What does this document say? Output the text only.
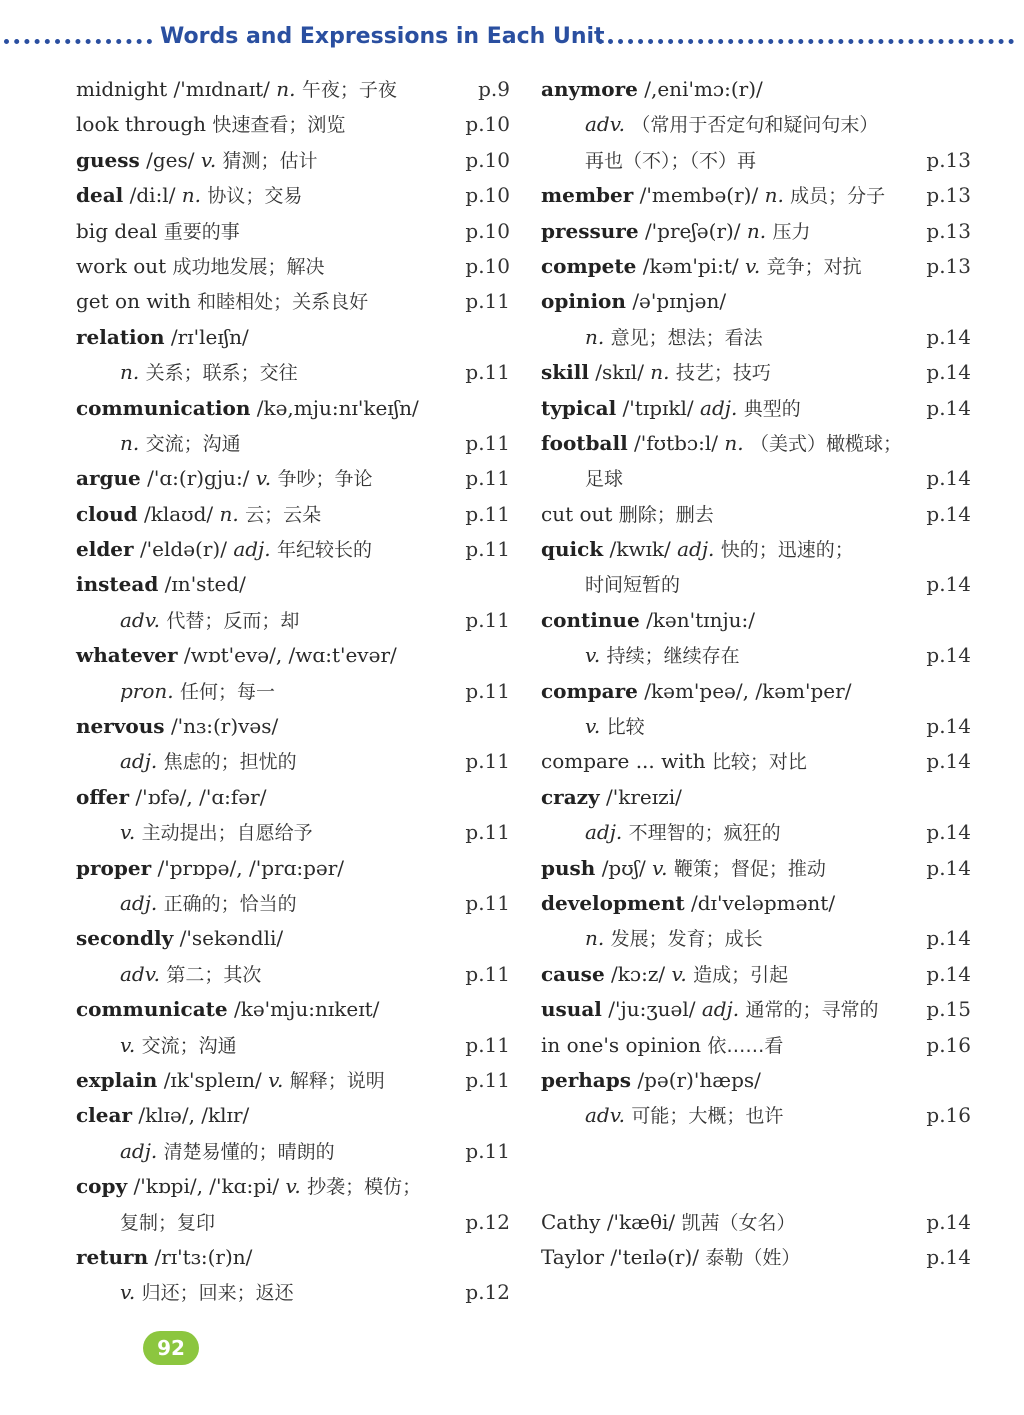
Words and Expressions in Each Unit
midnight /'mɪdnaɪt/ n. 午夜；子夜	p.9
look through 快速查看；浏览	p.10
guess /ges/ v. 猜测；估计	p.10
deal /di:l/ n. 协议；交易	p.10
big deal 重要的事	p.10
work out 成功地发展；解决	p.10
get on with 和睦相处；关系良好	p.11
relation /rɪ'leɪʃn/
n. 关系；联系；交往	p.11
communication /kə,mju:nɪ'keɪʃn/
n. 交流；沟通	p.11
argue /'ɑ:(r)gju:/ v. 争吵；争论	p.11
cloud /klaʊd/ n. 云；云朵	p.11
elder /'eldə(r)/ adj. 年纪较长的	p.11
instead /ɪn'sted/
adv. 代替；反而；却	p.11
whatever /wɒt'evə/, /wɑ:t'evər/
pron. 任何；每一	p.11
nervous /'nɜ:(r)vəs/
adj. 焦虑的；担忧的	p.11
offer /'ɒfə/, /'ɑ:fər/
v. 主动提出；自愿给予	p.11
proper /'prɒpə/, /'prɑ:pər/
adj. 正确的；恰当的	p.11
secondly /'sekəndli/
adv. 第二；其次	p.11
communicate /kə'mju:nɪkeɪt/
v. 交流；沟通	p.11
explain /ɪk'spleɪn/ v. 解释；说明	p.11
clear /klɪə/, /klɪr/
adj. 清楚易懂的；晴朗的	p.11
copy /'kɒpi/, /'kɑ:pi/ v. 抄袭；模仿；
复制；复印	p.12
return /rɪ'tɜ:(r)n/
v. 归还；回来；返还	p.12
anymore /,eni'mɔ:(r)/
adv. （常用于否定句和疑问句末）
再也（不）；（不）再	p.13
member /'membə(r)/ n. 成员；分子 p.13
pressure /'preʃə(r)/ n. 压力	p.13
compete /kəm'pi:t/ v. 竞争；对抗	p.13
opinion /ə'pɪnjən/
n. 意见；想法；看法	p.14
skill /skɪl/ n. 技艺；技巧	p.14
typical /'tɪpɪkl/ adj. 典型的	p.14
football /'fʊtbɔ:l/ n. （美式）橄榄球；
足球	p.14
cut out 删除；删去	p.14
quick /kwɪk/ adj. 快的；迅速的；
时间短暂的	p.14
continue /kən'tɪnju:/
v. 持续；继续存在	p.14
compare /kəm'peə/, /kəm'per/
v. 比较	p.14
compare ... with 比较；对比	p.14
crazy /'kreɪzi/
adj. 不理智的；疯狂的	p.14
push /pʊʃ/ v. 鞭策；督促；推动	p.14
development /dɪ'veləpmənt/
n. 发展；发育；成长	p.14
cause /kɔ:z/ v. 造成；引起	p.14
usual /'ju:ʒuəl/ adj. 通常的；寻常的 p.15
in one's opinion 依……看	p.16
perhaps /pə(r)'hæps/
adv. 可能；大概；也许	p.16
Cathy /'kæθi/ 凯茜（女名）	p.14
Taylor /'teɪlə(r)/ 泰勒（姓）	p.14
92
